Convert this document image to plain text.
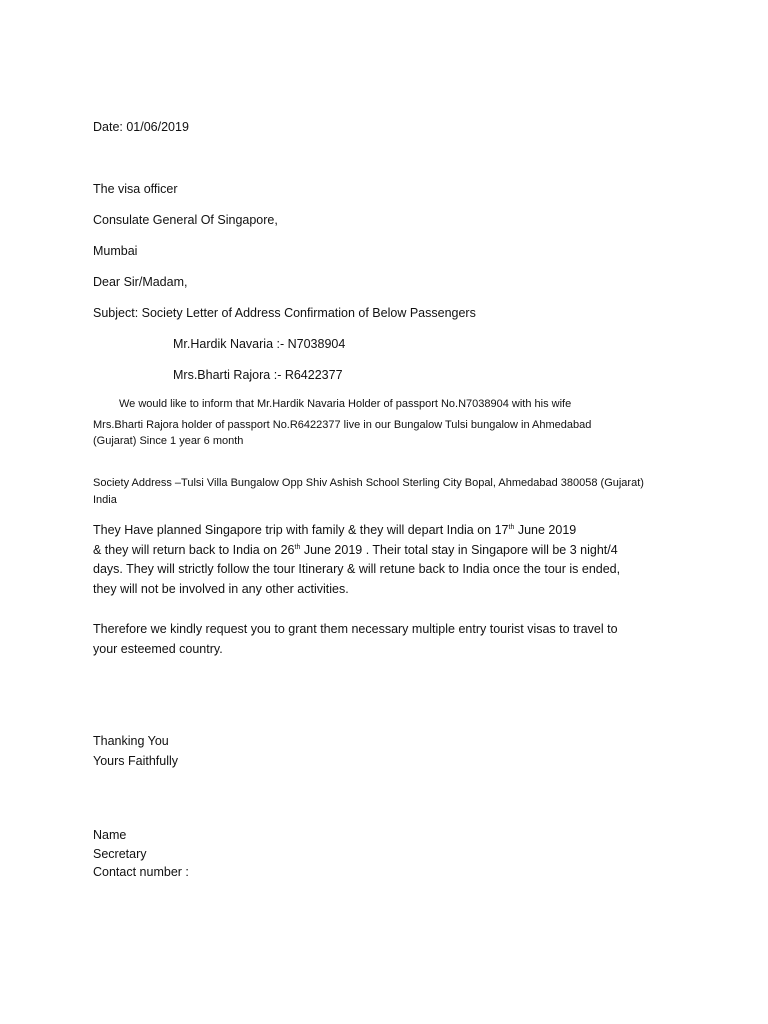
Date: 01/06/2019

The visa officer

Consulate General Of Singapore,

Mumbai

Dear Sir/Madam,

Subject: Society Letter of Address Confirmation of Below Passengers

Mr.Hardik Navaria :- N7038904

Mrs.Bharti Rajora :- R6422377

We would like to inform that Mr.Hardik Navaria Holder of passport No.N7038904 with his wife

Mrs.Bharti Rajora holder of passport No.R6422377 live in our Bungalow Tulsi bungalow in Ahmedabad

(Gujarat) Since 1 year 6 month

Society Address –Tulsi Villa Bungalow Opp Shiv Ashish School Sterling City Bopal, Ahmedabad 380058 (Gujarat)

India

They Have planned Singapore trip with family & they will depart India on 17th June 2019
& they will return back to India on 26th June 2019 . Their total stay in Singapore will be 3 night/4
days. They will strictly follow the tour Itinerary & will retune back to India once the tour is ended,
they will not be involved in any other activities.
Therefore we kindly request you to grant them necessary multiple entry tourist visas to travel to
your esteemed country.

Thanking You

Yours Faithfully

Name

Secretary

Contact number :
